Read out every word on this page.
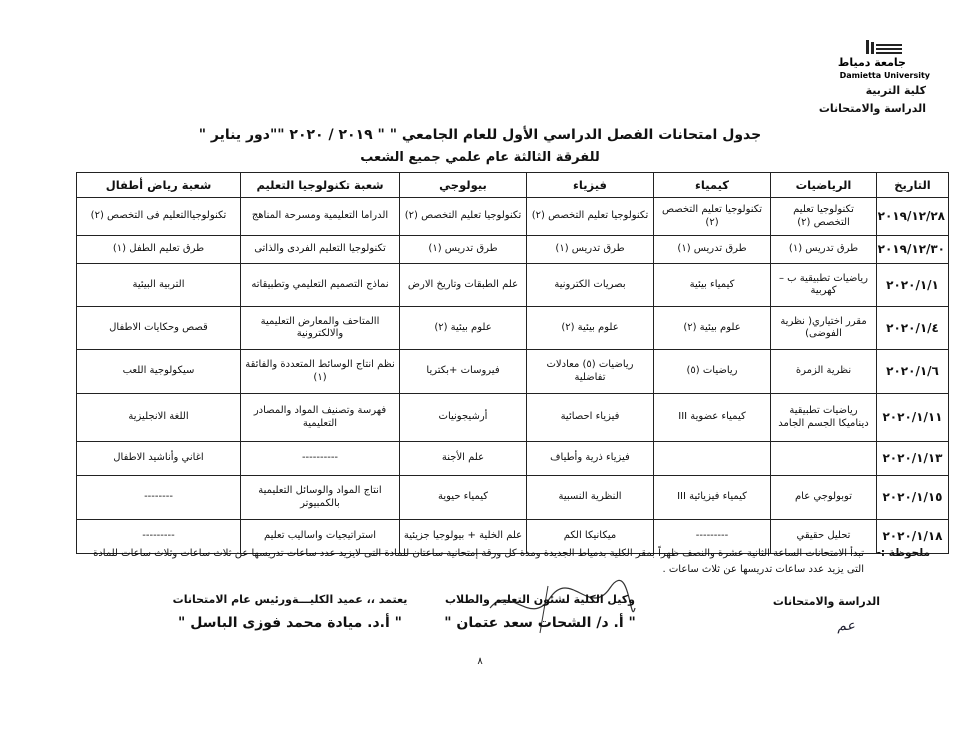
جامعة دمياط
Damietta University
كلية التربية
الدراسة والامتحانات
جدول امتحانات الفصل الدراسي الأول للعام الجامعي " " ٢٠١٩ / ٢٠٢٠ ""دور يناير "
للفرقة الثالثة عام علمي جميع الشعب
التاريخ	الرياضيات	كيمياء	فيزياء	بيولوجي	شعبة تكنولوجيا التعليم	شعبة رياض أطفال
٢٠١٩/١٢/٢٨	تكنولوجيا تعليم التخصص (٢)	تكنولوجيا تعليم التخصص (٢)	تكنولوجيا تعليم التخصص (٢)	تكنولوجيا تعليم التخصص (٢)	الدراما التعليمية ومسرحة المناهج	تكنولوجياالتعليم فى التخصص (٢)
٢٠١٩/١٢/٣٠	طرق تدريس (١)	طرق تدريس (١)	طرق تدريس (١)	طرق تدريس (١)	تكنولوجيا التعليم الفردى والذاتى	طرق تعليم الطفل (١)
٢٠٢٠/١/١	رياضيات تطبيقية ب – كهربية	كيمياء بيئية	بصريات الكترونية	علم الطبقات وتاريخ الارض	نماذج التصميم التعليمي وتطبيقاته	التربية البيئية
٢٠٢٠/١/٤	مقرر اختياري( نظرية الفوضى)	علوم بيئية (٢)	علوم بيئية (٢)	علوم بيئية (٢)	االمتاحف والمعارض التعليمية والالكترونية	قصص وحكايات الاطفال
٢٠٢٠/١/٦	نظرية الزمرة	رياضيات (٥)	رياضيات (٥) معادلات تفاضلية	فيروسات +بكتريا	نظم انتاج الوسائط المتعددة والفائقة (١)	سيكولوجية اللعب
٢٠٢٠/١/١١	رياضيات تطبيقية ديناميكا الجسم الجامد	كيمياء عضوية III	فيزياء احصائية	أرشيجونيات	فهرسة وتصنيف المواد والمصادر التعليمية	اللغة الانجليزية
٢٠٢٠/١/١٣			فيزياء ذرية وأطياف	علم الأجنة	----------	اغاني وأناشيد الاطفال
٢٠٢٠/١/١٥	توبولوجي عام	كيمياء فيزيائية III	النظرية النسبية	كيمياء حيوية	انتاج المواد والوسائل التعليمية بالكمبيوتر	--------
٢٠٢٠/١/١٨	تحليل حقيقي	---------	ميكانيكا الكم	علم الخلية + بيولوجيا جزيئية	استراتيجيات واساليب تعليم	---------
ملحوظة :-
تبدأ الامتحانات الساعة الثانية عشرة والنصف ظهراً بمقر الكلية بدمياط الجديدة ومدة كل ورقة إمتحانية ساعتان للمادة التى لايزيد عدد ساعات تدريسها عن ثلاث ساعات وثلاث ساعات للمادة التى يزيد عدد ساعات تدريسها عن ثلاث ساعات .
الدراسة والامتحانات
عم
وكيل الكلية لشئون التعليم والطلاب
" أ. د/ الشحات سعد عتمان "
يعتمد ،، عميد الكليـــةورئيس عام الامتحانات
" أ.د. ميادة محمد فوزى الباسل "
٨
